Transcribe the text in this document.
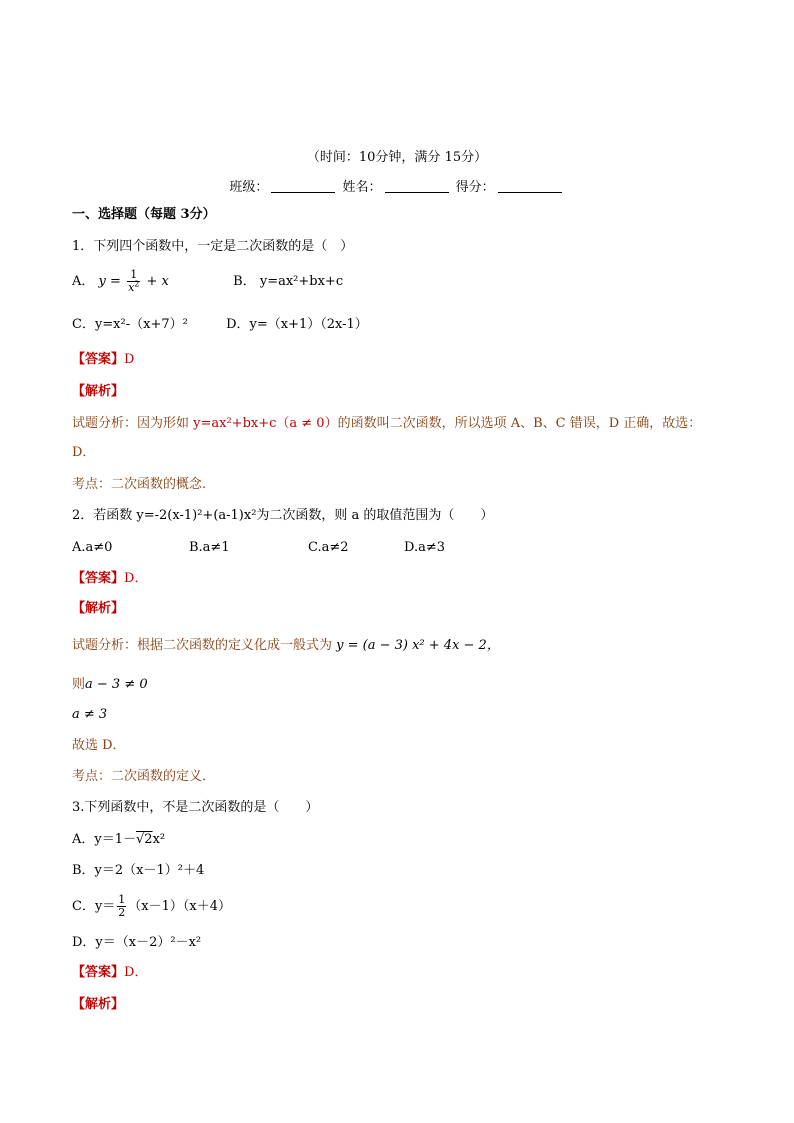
（时间：10分钟，满分 15分）
班级：	姓名：	得分：
一、选择题（每题 3分）
1．下列四个函数中，一定是二次函数的是（　）
A． $y = \frac{1}{x^2} + x$	B． y=ax²+bx+c
C．y=x²-（x+7）²	D．y=（x+1）（2x-1）
【答案】D
【解析】
试题分析：因为形如 y=ax²+bx+c（a ≠ 0）的函数叫二次函数，所以选项 A、B、C 错误，D 正确，故选：
D．
考点：二次函数的概念.
2．若函数 y=-2(x-1)²+(a-1)x²为二次函数，则 a 的取值范围为（　　）
A.a≠0	B.a≠1	C.a≠2	D.a≠3
【答案】D．
【解析】
试题分析：根据二次函数的定义化成一般式为 y = (a − 3) x² + 4x − 2，
则a − 3 ≠ 0
a ≠ 3
故选 D．
考点：二次函数的定义．
3.下列函数中，不是二次函数的是（　　）
A．y＝1－√2x²
B．y＝2（x－1）²＋4
C．$y= \frac{1}{2} (x-1)(x+4)$
D．y＝（x－2）²－x²
【答案】D．
【解析】
